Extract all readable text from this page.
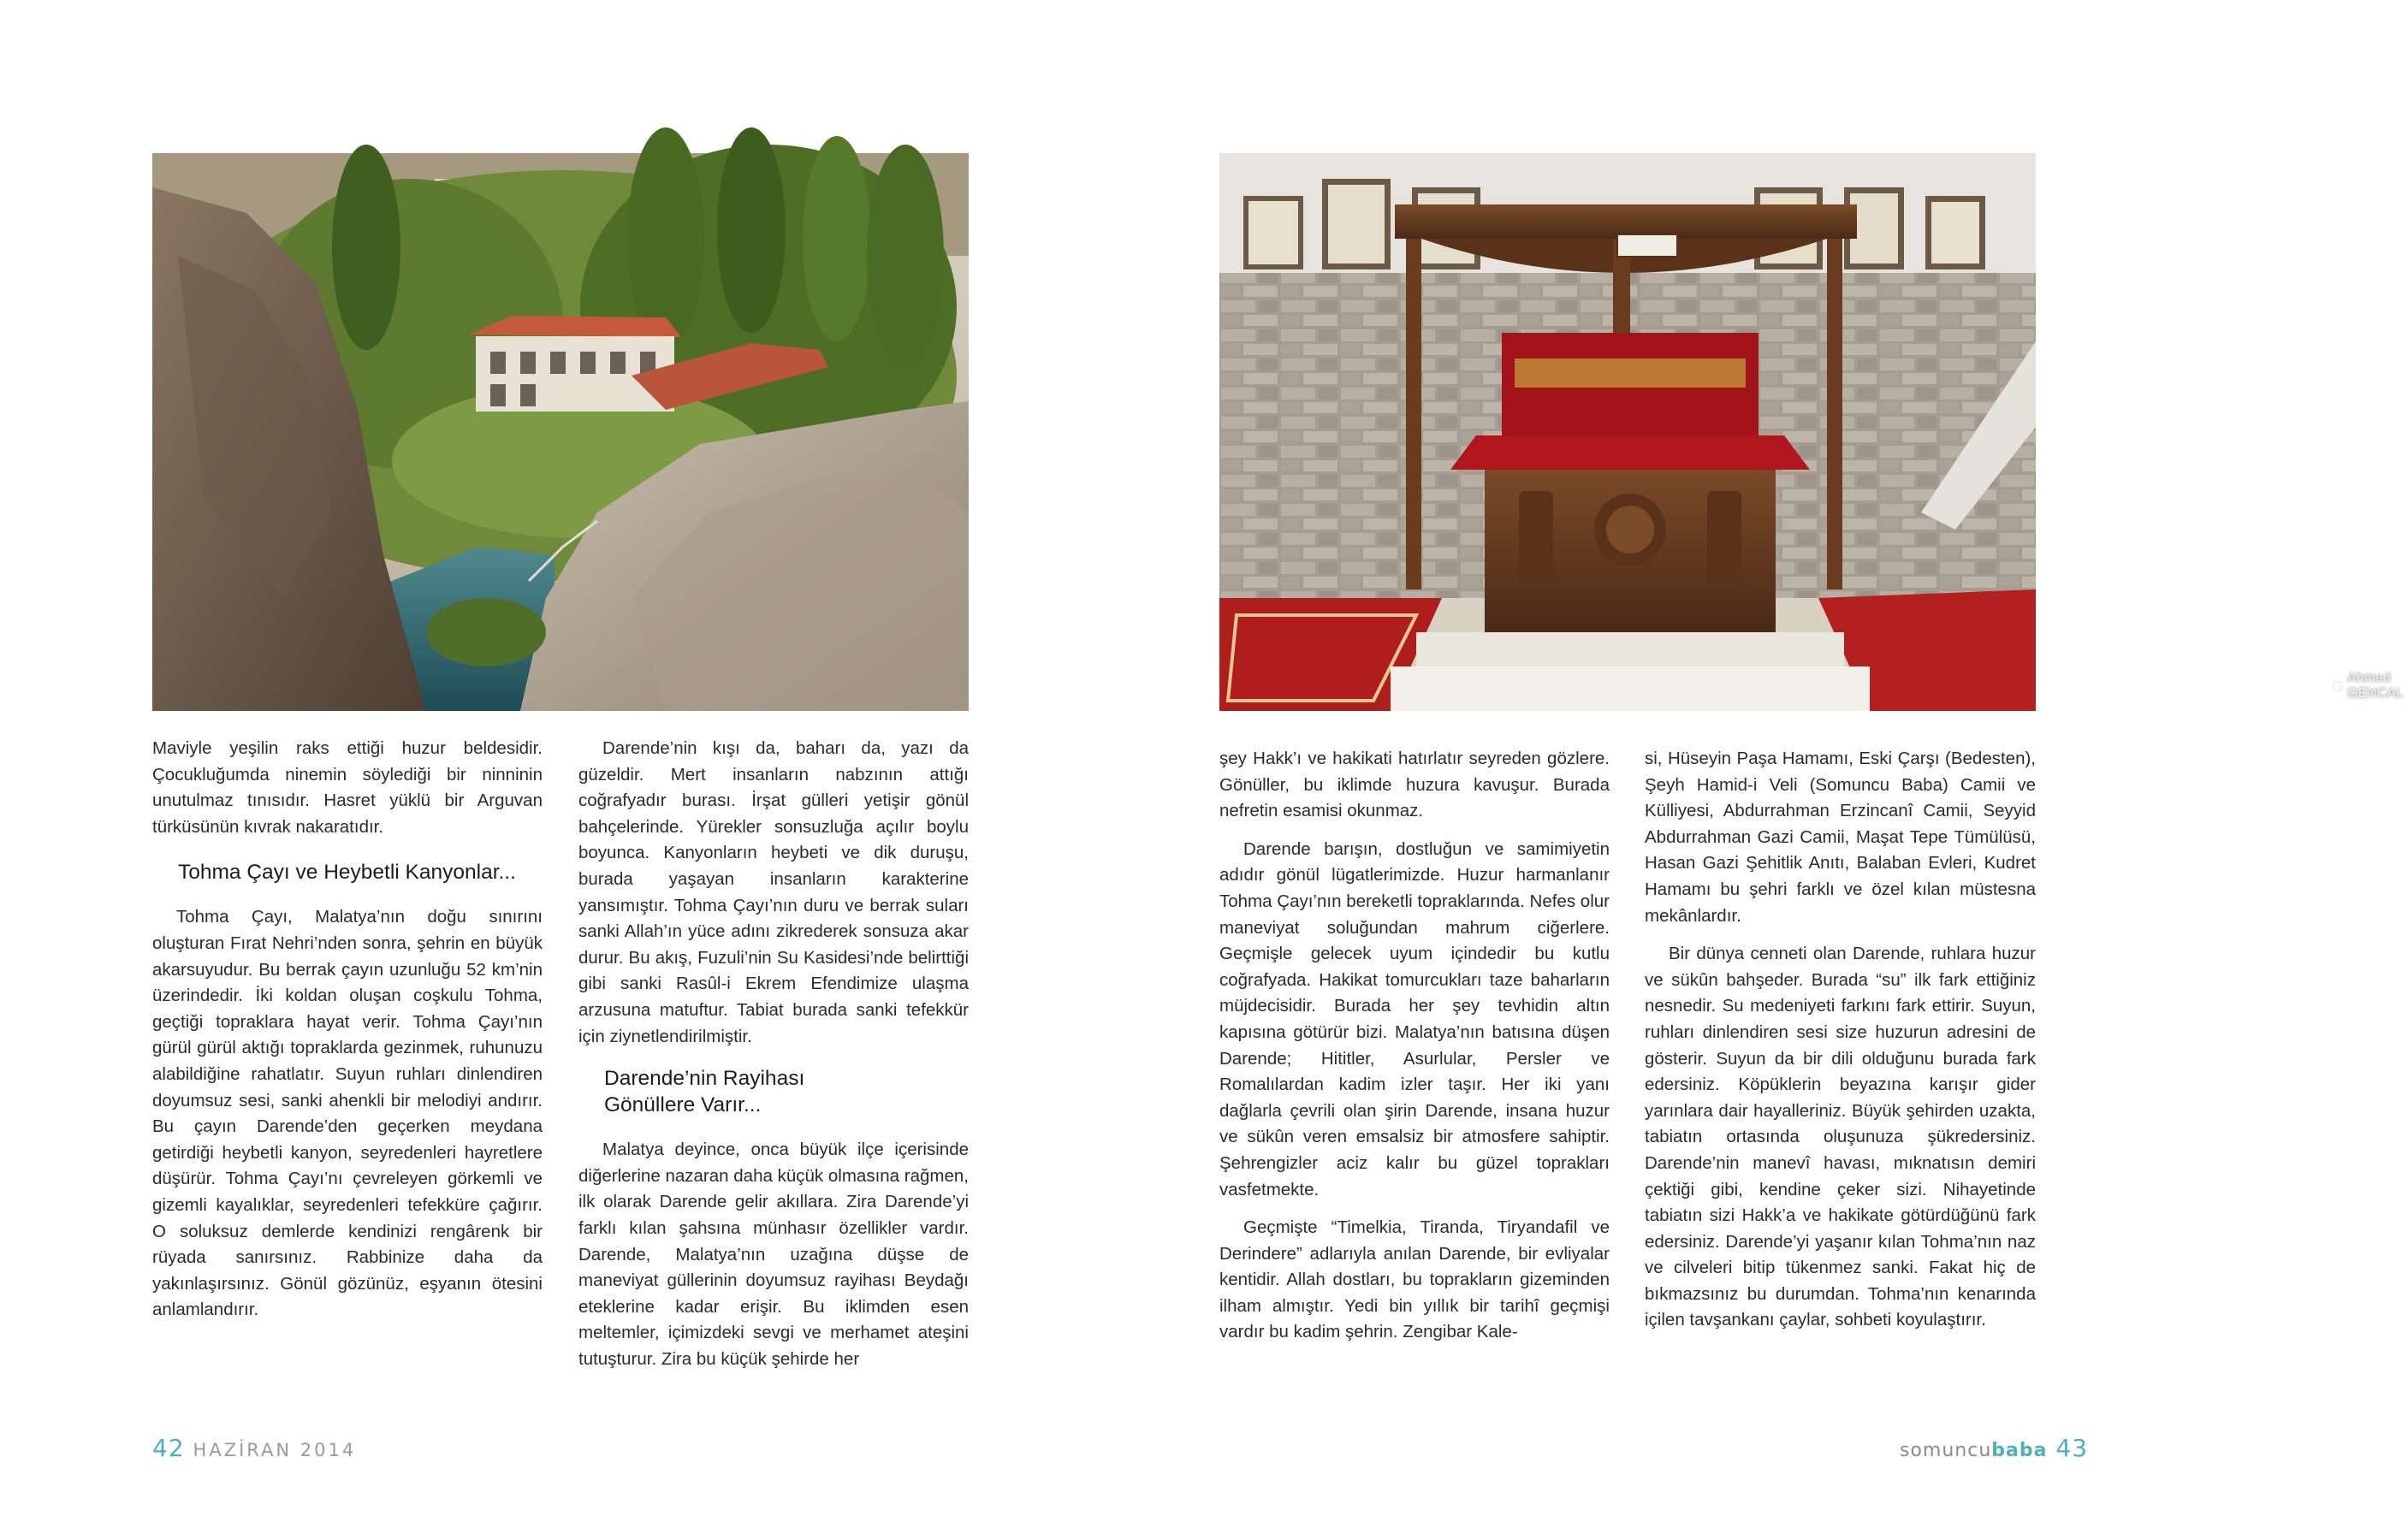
Maviyle yeşilin raks ettiği huzur beldesidir. Çocukluğumda ninemin söylediği bir ninninin unutulmaz tınısıdır. Hasret yüklü bir Arguvan türküsünün kıvrak nakaratıdır.

Tohma Çayı ve Heybetli Kanyonlar...

Tohma Çayı, Malatya’nın doğu sınırını oluşturan Fırat Nehri’nden sonra, şehrin en büyük akarsuyudur. Bu berrak çayın uzunluğu 52 km’nin üzerindedir. İki koldan oluşan coşkulu Tohma, geçtiği topraklara hayat verir. Tohma Çayı’nın gürül gürül aktığı topraklarda gezinmek, ruhunuzu alabildiğine rahatlatır. Suyun ruhları dinlendiren doyumsuz sesi, sanki ahenkli bir melodiyi andırır. Bu çayın Darende’den geçerken meydana getirdiği heybetli kanyon, seyredenleri hayretlere düşürür. Tohma Çayı’nı çevreleyen görkemli ve gizemli kayalıklar, seyredenleri tefekküre çağırır. O soluksuz demlerde kendinizi rengârenk bir rüyada sanırsınız. Rabbinize daha da yakınlaşırsınız. Gönül gözünüz, eşyanın ötesini anlamlandırır.

Darende’nin kışı da, baharı da, yazı da güzeldir. Mert insanların nabzının attığı coğrafyadır burası. İrşat gülleri yetişir gönül bahçelerinde. Yürekler sonsuzluğa açılır boylu boyunca. Kanyonların heybeti ve dik duruşu, burada yaşayan insanların karakterine yansımıştır. Tohma Çayı’nın duru ve berrak suları sanki Allah’ın yüce adını zikrederek sonsuza akar durur. Bu akış, Fuzuli’nin Su Kasidesi’nde belirttiği gibi sanki Rasûl-i Ekrem Efendimize ulaşma arzusuna matuftur. Tabiat burada sanki tefekkür için ziynetlendirilmiştir.

Darende’nin Rayihası
Gönüllere Varır...

Malatya deyince, onca büyük ilçe içerisinde diğerlerine nazaran daha küçük olmasına rağmen, ilk olarak Darende gelir akıllara. Zira Darende’yi farklı kılan şahsına münhasır özellikler vardır. Darende, Malatya’nın uzağına düşse de maneviyat güllerinin doyumsuz rayihası Beydağı eteklerine kadar erişir. Bu iklimden esen meltemler, içimizdeki sevgi ve merhamet ateşini tutuşturur. Zira bu küçük şehirde her

42 HAZİRAN 2014
Ahmed GENCAL

şey Hakk’ı ve hakikati hatırlatır seyreden gözlere. Gönüller, bu iklimde huzura kavuşur. Burada nefretin esamisi okunmaz.

Darende barışın, dostluğun ve samimiyetin adıdır gönül lügatlerimizde. Huzur harmanlanır Tohma Çayı’nın bereketli topraklarında. Nefes olur maneviyat soluğundan mahrum ciğerlere. Geçmişle gelecek uyum içindedir bu kutlu coğrafyada. Hakikat tomurcukları taze baharların müjdecisidir. Burada her şey tevhidin altın kapısına götürür bizi. Malatya’nın batısına düşen Darende; Hititler, Asurlular, Persler ve Romalılardan kadim izler taşır. Her iki yanı dağlarla çevrili olan şirin Darende, insana huzur ve sükûn veren emsalsiz bir atmosfere sahiptir. Şehrengizler aciz kalır bu güzel toprakları vasfetmekte.

Geçmişte “Timelkia, Tiranda, Tiryandafil ve Derindere” adlarıyla anılan Darende, bir evliyalar kentidir. Allah dostları, bu toprakların gizeminden ilham almıştır. Yedi bin yıllık bir tarihî geçmişi vardır bu kadim şehrin. Zengibar Kale-

si, Hüseyin Paşa Hamamı, Eski Çarşı (Bedesten), Şeyh Hamid-i Veli (Somuncu Baba) Camii ve Külliyesi, Abdurrahman Erzincanî Camii, Seyyid Abdurrahman Gazi Camii, Maşat Tepe Tümülüsü, Hasan Gazi Şehitlik Anıtı, Balaban Evleri, Kudret Hamamı bu şehri farklı ve özel kılan müstesna mekânlardır.

Bir dünya cenneti olan Darende, ruhlara huzur ve sükûn bahşeder. Burada “su” ilk fark ettiğiniz nesnedir. Su medeniyeti farkını fark ettirir. Suyun, ruhları dinlendiren sesi size huzurun adresini de gösterir. Suyun da bir dili olduğunu burada fark edersiniz. Köpüklerin beyazına karışır gider yarınlara dair hayalleriniz. Büyük şehirden uzakta, tabiatın ortasında oluşunuza şükredersiniz. Darende’nin manevî havası, mıknatısın demiri çektiği gibi, kendine çeker sizi. Nihayetinde tabiatın sizi Hakk’a ve hakikate götürdüğünü fark edersiniz. Darende’yi yaşanır kılan Tohma’nın naz ve cilveleri bitip tükenmez sanki. Fakat hiç de bıkmazsınız bu durumdan. Tohma’nın kenarında içilen tavşankanı çaylar, sohbeti koyulaştırır.

somuncubaba 43
